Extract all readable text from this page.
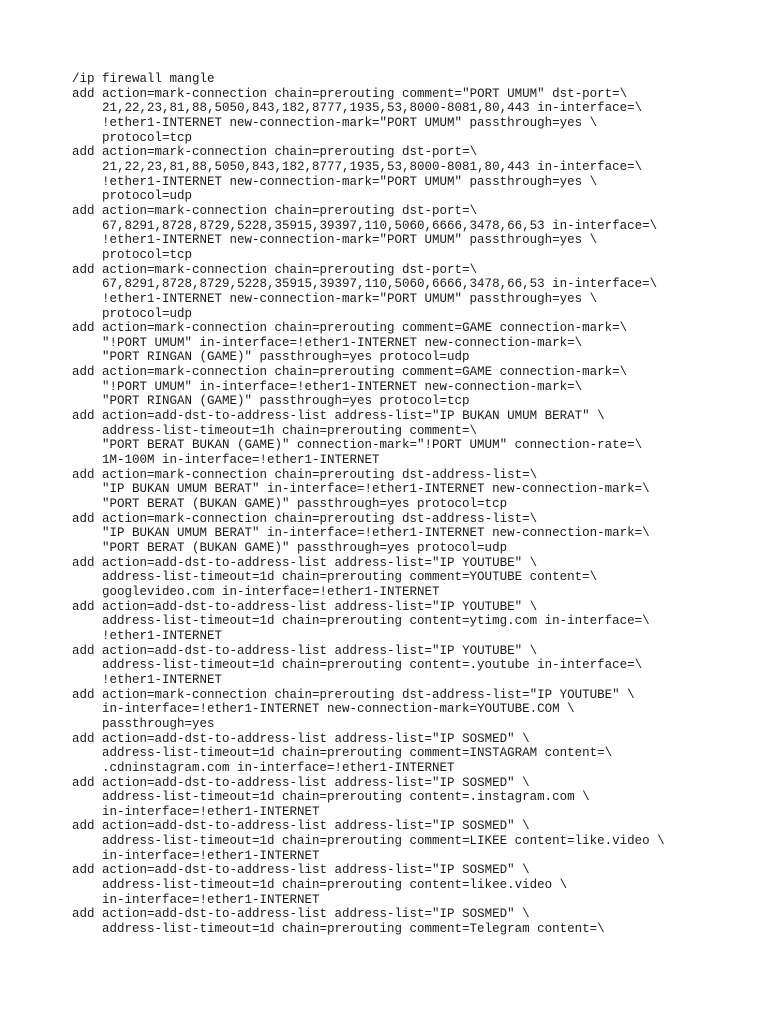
/ip firewall mangle
add action=mark-connection chain=prerouting comment="PORT UMUM" dst-port=\
21,22,23,81,88,5050,843,182,8777,1935,53,8000-8081,80,443 in-interface=\
!ether1-INTERNET new-connection-mark="PORT UMUM" passthrough=yes \
protocol=tcp
add action=mark-connection chain=prerouting dst-port=\
21,22,23,81,88,5050,843,182,8777,1935,53,8000-8081,80,443 in-interface=\
!ether1-INTERNET new-connection-mark="PORT UMUM" passthrough=yes \
protocol=udp
add action=mark-connection chain=prerouting dst-port=\
67,8291,8728,8729,5228,35915,39397,110,5060,6666,3478,66,53 in-interface=\
!ether1-INTERNET new-connection-mark="PORT UMUM" passthrough=yes \
protocol=tcp
add action=mark-connection chain=prerouting dst-port=\
67,8291,8728,8729,5228,35915,39397,110,5060,6666,3478,66,53 in-interface=\
!ether1-INTERNET new-connection-mark="PORT UMUM" passthrough=yes \
protocol=udp
add action=mark-connection chain=prerouting comment=GAME connection-mark=\
"!PORT UMUM" in-interface=!ether1-INTERNET new-connection-mark=\
"PORT RINGAN (GAME)" passthrough=yes protocol=udp
add action=mark-connection chain=prerouting comment=GAME connection-mark=\
"!PORT UMUM" in-interface=!ether1-INTERNET new-connection-mark=\
"PORT RINGAN (GAME)" passthrough=yes protocol=tcp
add action=add-dst-to-address-list address-list="IP BUKAN UMUM BERAT" \
address-list-timeout=1h chain=prerouting comment=\
"PORT BERAT BUKAN (GAME)" connection-mark="!PORT UMUM" connection-rate=\
1M-100M in-interface=!ether1-INTERNET
add action=mark-connection chain=prerouting dst-address-list=\
"IP BUKAN UMUM BERAT" in-interface=!ether1-INTERNET new-connection-mark=\
"PORT BERAT (BUKAN GAME)" passthrough=yes protocol=tcp
add action=mark-connection chain=prerouting dst-address-list=\
"IP BUKAN UMUM BERAT" in-interface=!ether1-INTERNET new-connection-mark=\
"PORT BERAT (BUKAN GAME)" passthrough=yes protocol=udp
add action=add-dst-to-address-list address-list="IP YOUTUBE" \
address-list-timeout=1d chain=prerouting comment=YOUTUBE content=\
googlevideo.com in-interface=!ether1-INTERNET
add action=add-dst-to-address-list address-list="IP YOUTUBE" \
address-list-timeout=1d chain=prerouting content=ytimg.com in-interface=\
!ether1-INTERNET
add action=add-dst-to-address-list address-list="IP YOUTUBE" \
address-list-timeout=1d chain=prerouting content=.youtube in-interface=\
!ether1-INTERNET
add action=mark-connection chain=prerouting dst-address-list="IP YOUTUBE" \
in-interface=!ether1-INTERNET new-connection-mark=YOUTUBE.COM \
passthrough=yes
add action=add-dst-to-address-list address-list="IP SOSMED" \
address-list-timeout=1d chain=prerouting comment=INSTAGRAM content=\
.cdninstagram.com in-interface=!ether1-INTERNET
add action=add-dst-to-address-list address-list="IP SOSMED" \
address-list-timeout=1d chain=prerouting content=.instagram.com \
in-interface=!ether1-INTERNET
add action=add-dst-to-address-list address-list="IP SOSMED" \
address-list-timeout=1d chain=prerouting comment=LIKEE content=like.video \
in-interface=!ether1-INTERNET
add action=add-dst-to-address-list address-list="IP SOSMED" \
address-list-timeout=1d chain=prerouting content=likee.video \
in-interface=!ether1-INTERNET
add action=add-dst-to-address-list address-list="IP SOSMED" \
address-list-timeout=1d chain=prerouting comment=Telegram content=\
